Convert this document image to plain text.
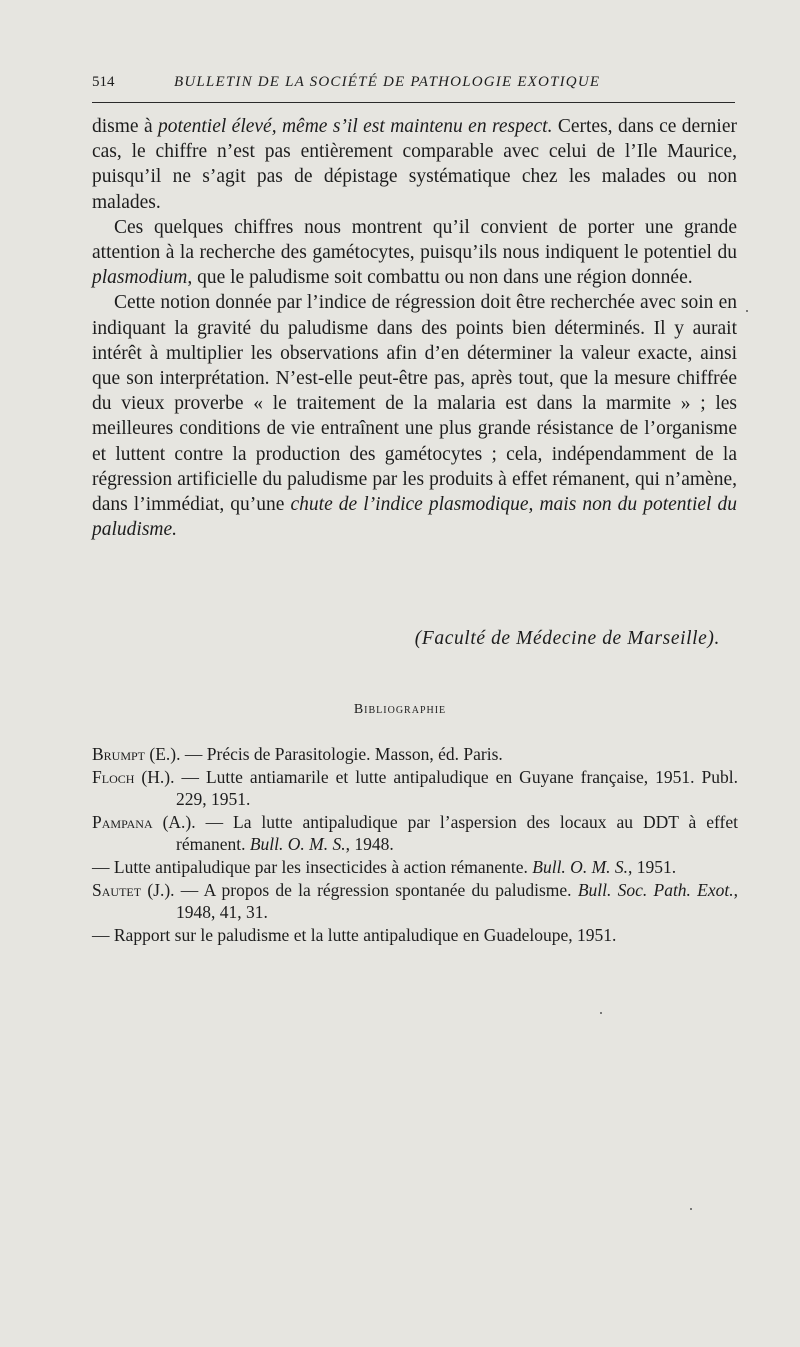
514	BULLETIN DE LA SOCIÉTÉ DE PATHOLOGIE EXOTIQUE

disme à potentiel élevé, même s’il est maintenu en respect. Certes, dans ce dernier cas, le chiffre n’est pas entièrement comparable avec celui de l’Ile Maurice, puisqu’il ne s’agit pas de dépistage systématique chez les malades ou non malades.

Ces quelques chiffres nous montrent qu’il convient de porter une grande attention à la recherche des gamétocytes, puisqu’ils nous indiquent le potentiel du plasmodium, que le paludisme soit combattu ou non dans une région donnée.

Cette notion donnée par l’indice de régression doit être recherchée avec soin en indiquant la gravité du paludisme dans des points bien déterminés. Il y aurait intérêt à multiplier les observations afin d’en déterminer la valeur exacte, ainsi que son interprétation. N’est-elle peut-être pas, après tout, que la mesure chiffrée du vieux proverbe « le traitement de la malaria est dans la marmite » ; les meilleures conditions de vie entraînent une plus grande résistance de l’organisme et luttent contre la production des gamétocytes ; cela, indépendamment de la régression artificielle du paludisme par les produits à effet rémanent, qui n’amène, dans l’immédiat, qu’une chute de l’indice plasmodique, mais non du potentiel du paludisme.

(Faculté de Médecine de Marseille).
Bibliographie

Brumpt (E.). — Précis de Parasitologie. Masson, éd. Paris.

Floch (H.). — Lutte antiamarile et lutte antipaludique en Guyane française, 1951. Publ. 229, 1951.

Pampana (A.). — La lutte antipaludique par l’aspersion des locaux au DDT à effet rémanent. Bull. O. M. S., 1948.

— Lutte antipaludique par les insecticides à action rémanente. Bull. O. M. S., 1951.

Sautet (J.). — A propos de la régression spontanée du paludisme. Bull. Soc. Path. Exot., 1948, 41, 31.

— Rapport sur le paludisme et la lutte antipaludique en Guadeloupe, 1951.
